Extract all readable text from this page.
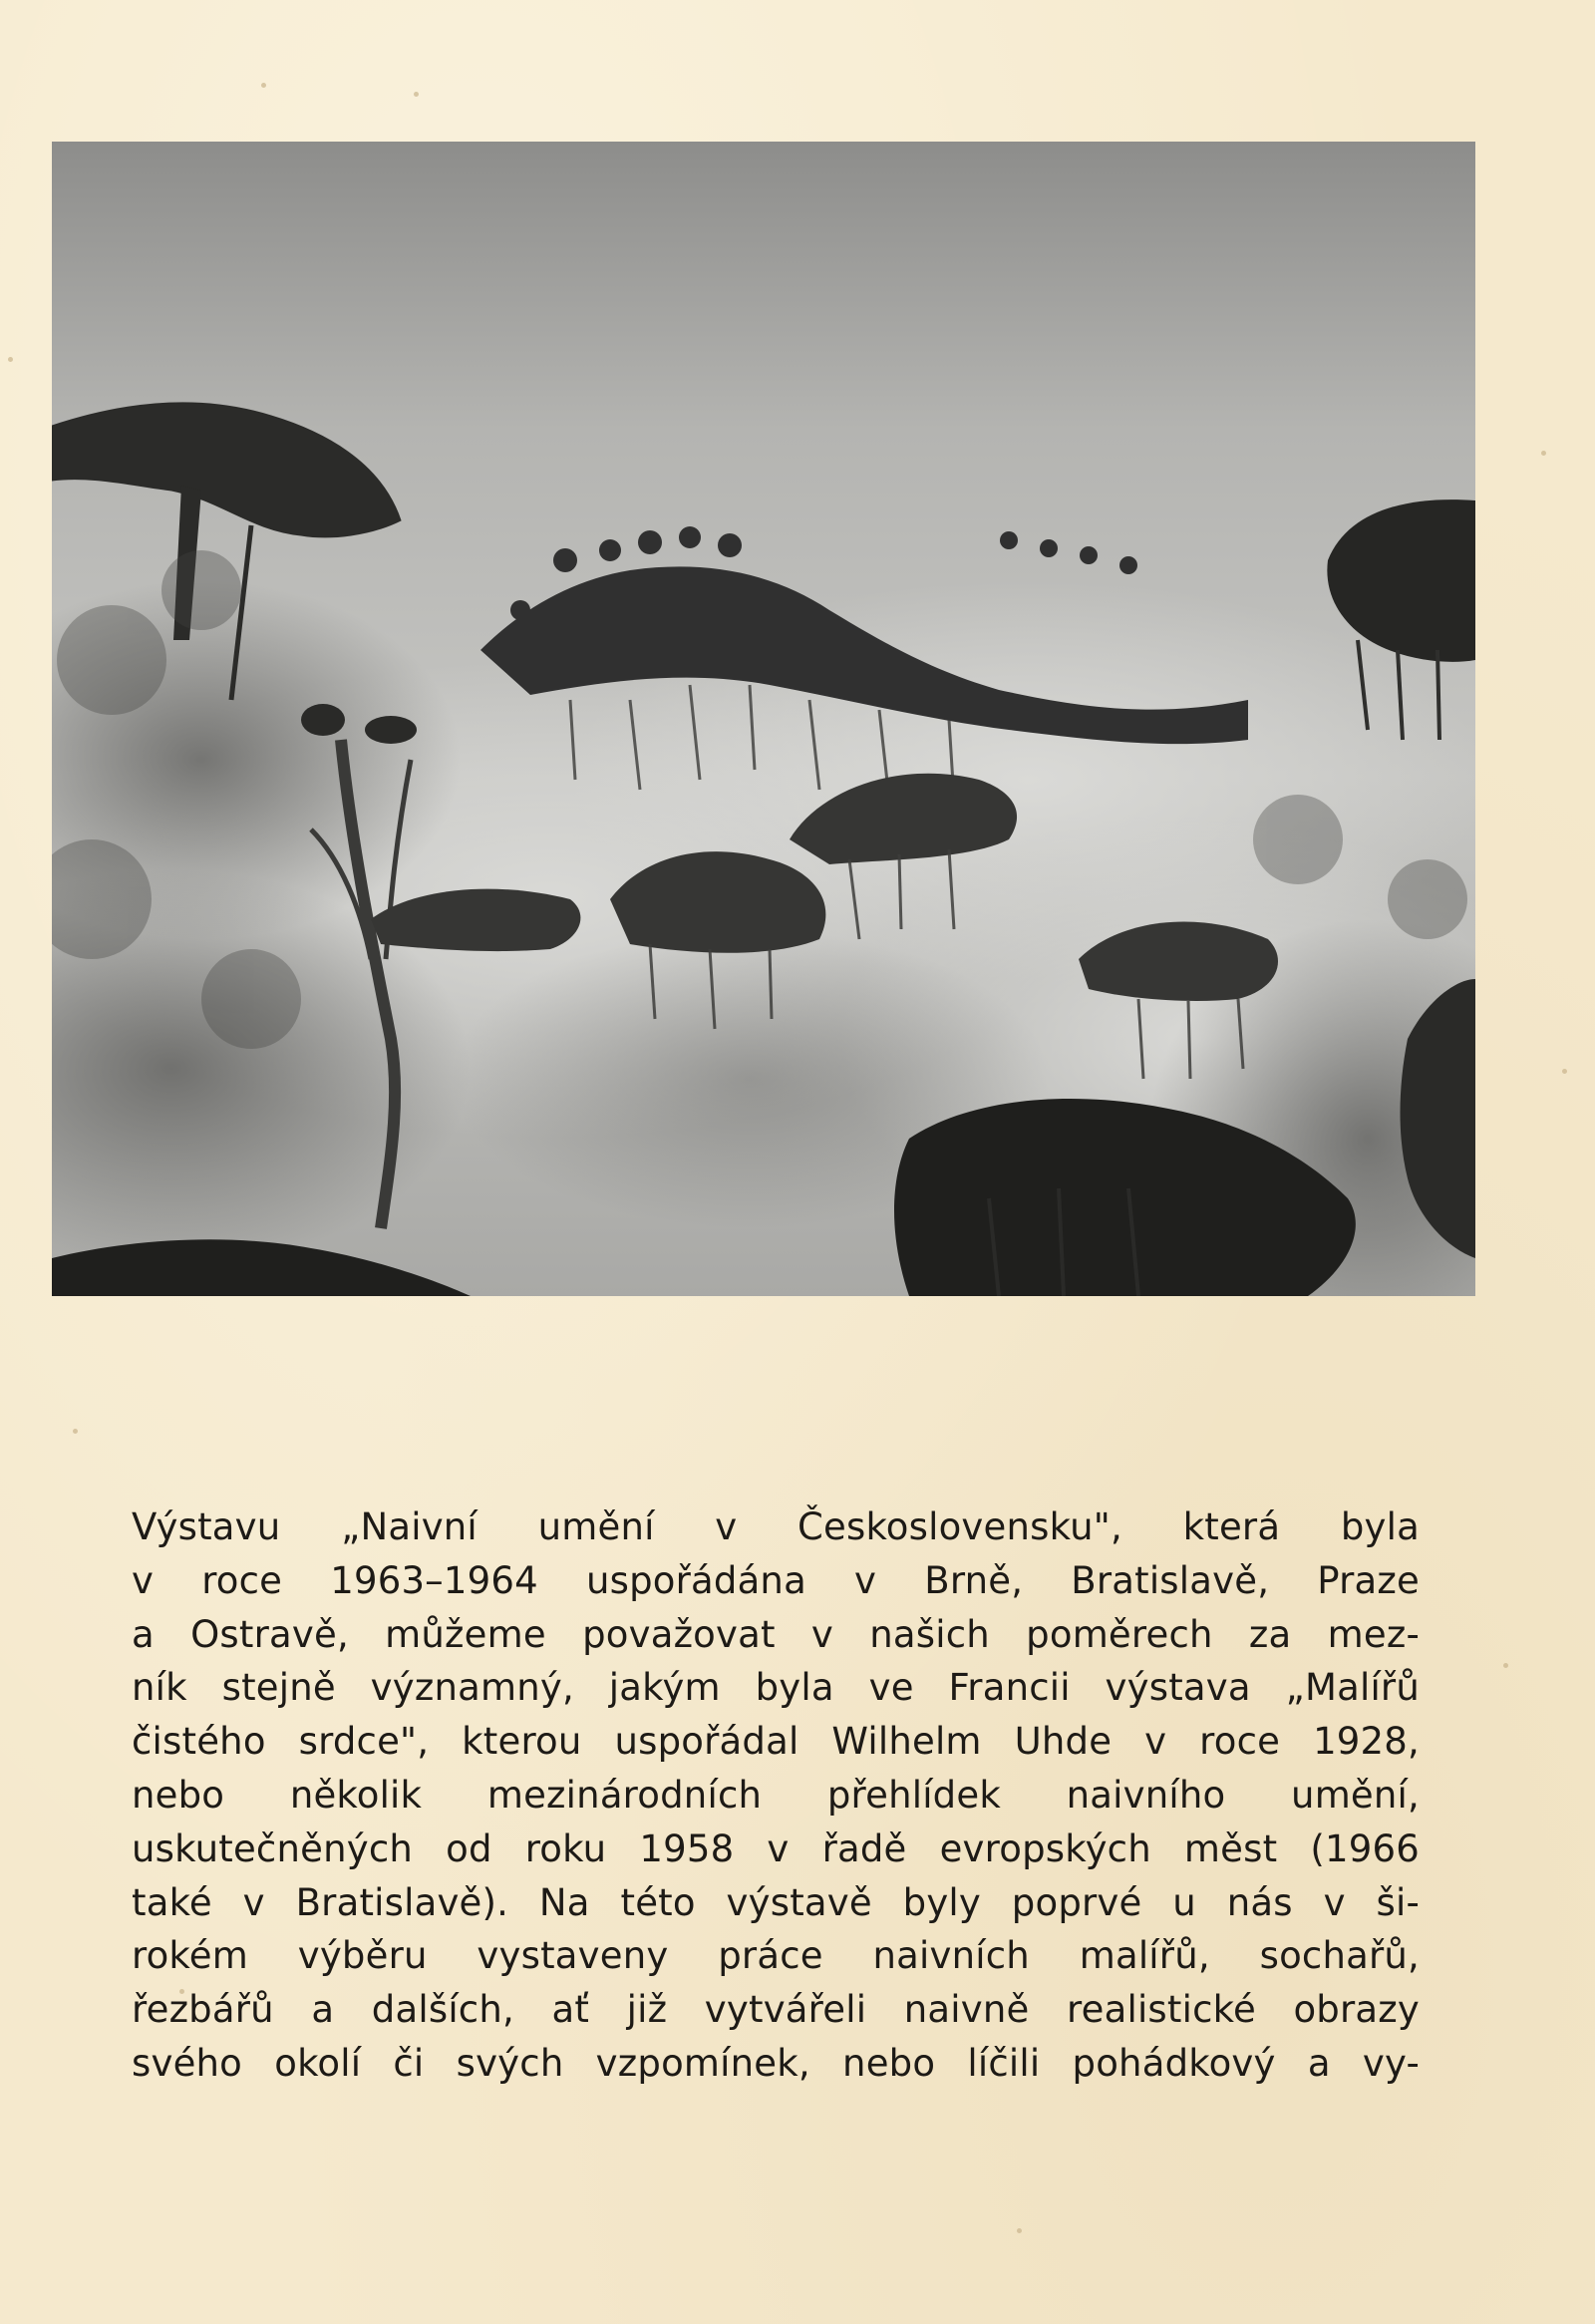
Výstavu „Naivní umění v Československu", která byla
v roce 1963–1964 uspořádána v Brně, Bratislavě, Praze
a Ostravě, můžeme považovat v našich poměrech za mez-
ník stejně významný, jakým byla ve Francii výstava „Malířů
čistého srdce", kterou uspořádal Wilhelm Uhde v roce 1928,
nebo několik mezinárodních přehlídek naivního umění,
uskutečněných od roku 1958 v řadě evropských měst (1966
také v Bratislavě). Na této výstavě byly poprvé u nás v ši-
rokém výběru vystaveny práce naivních malířů, sochařů,
řezbářů a dalších, ať již vytvářeli naivně realistické obrazy
svého okolí či svých vzpomínek, nebo líčili pohádkový a vy-
